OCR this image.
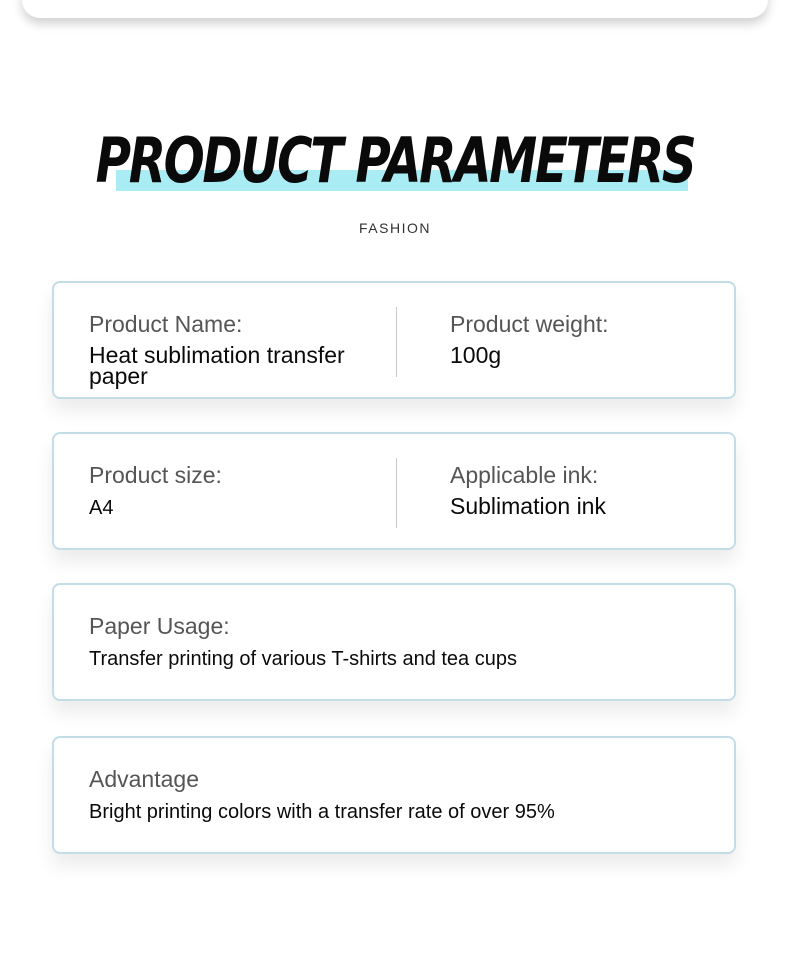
PRODUCT PARAMETERS
FASHION
Product Name:
Heat sublimation transfer paper
Product weight:
100g
Product size:
A4
Applicable ink:
Sublimation ink
Paper Usage:
Transfer printing of various T-shirts and tea cups
Advantage
Bright printing colors with a transfer rate of over 95%
